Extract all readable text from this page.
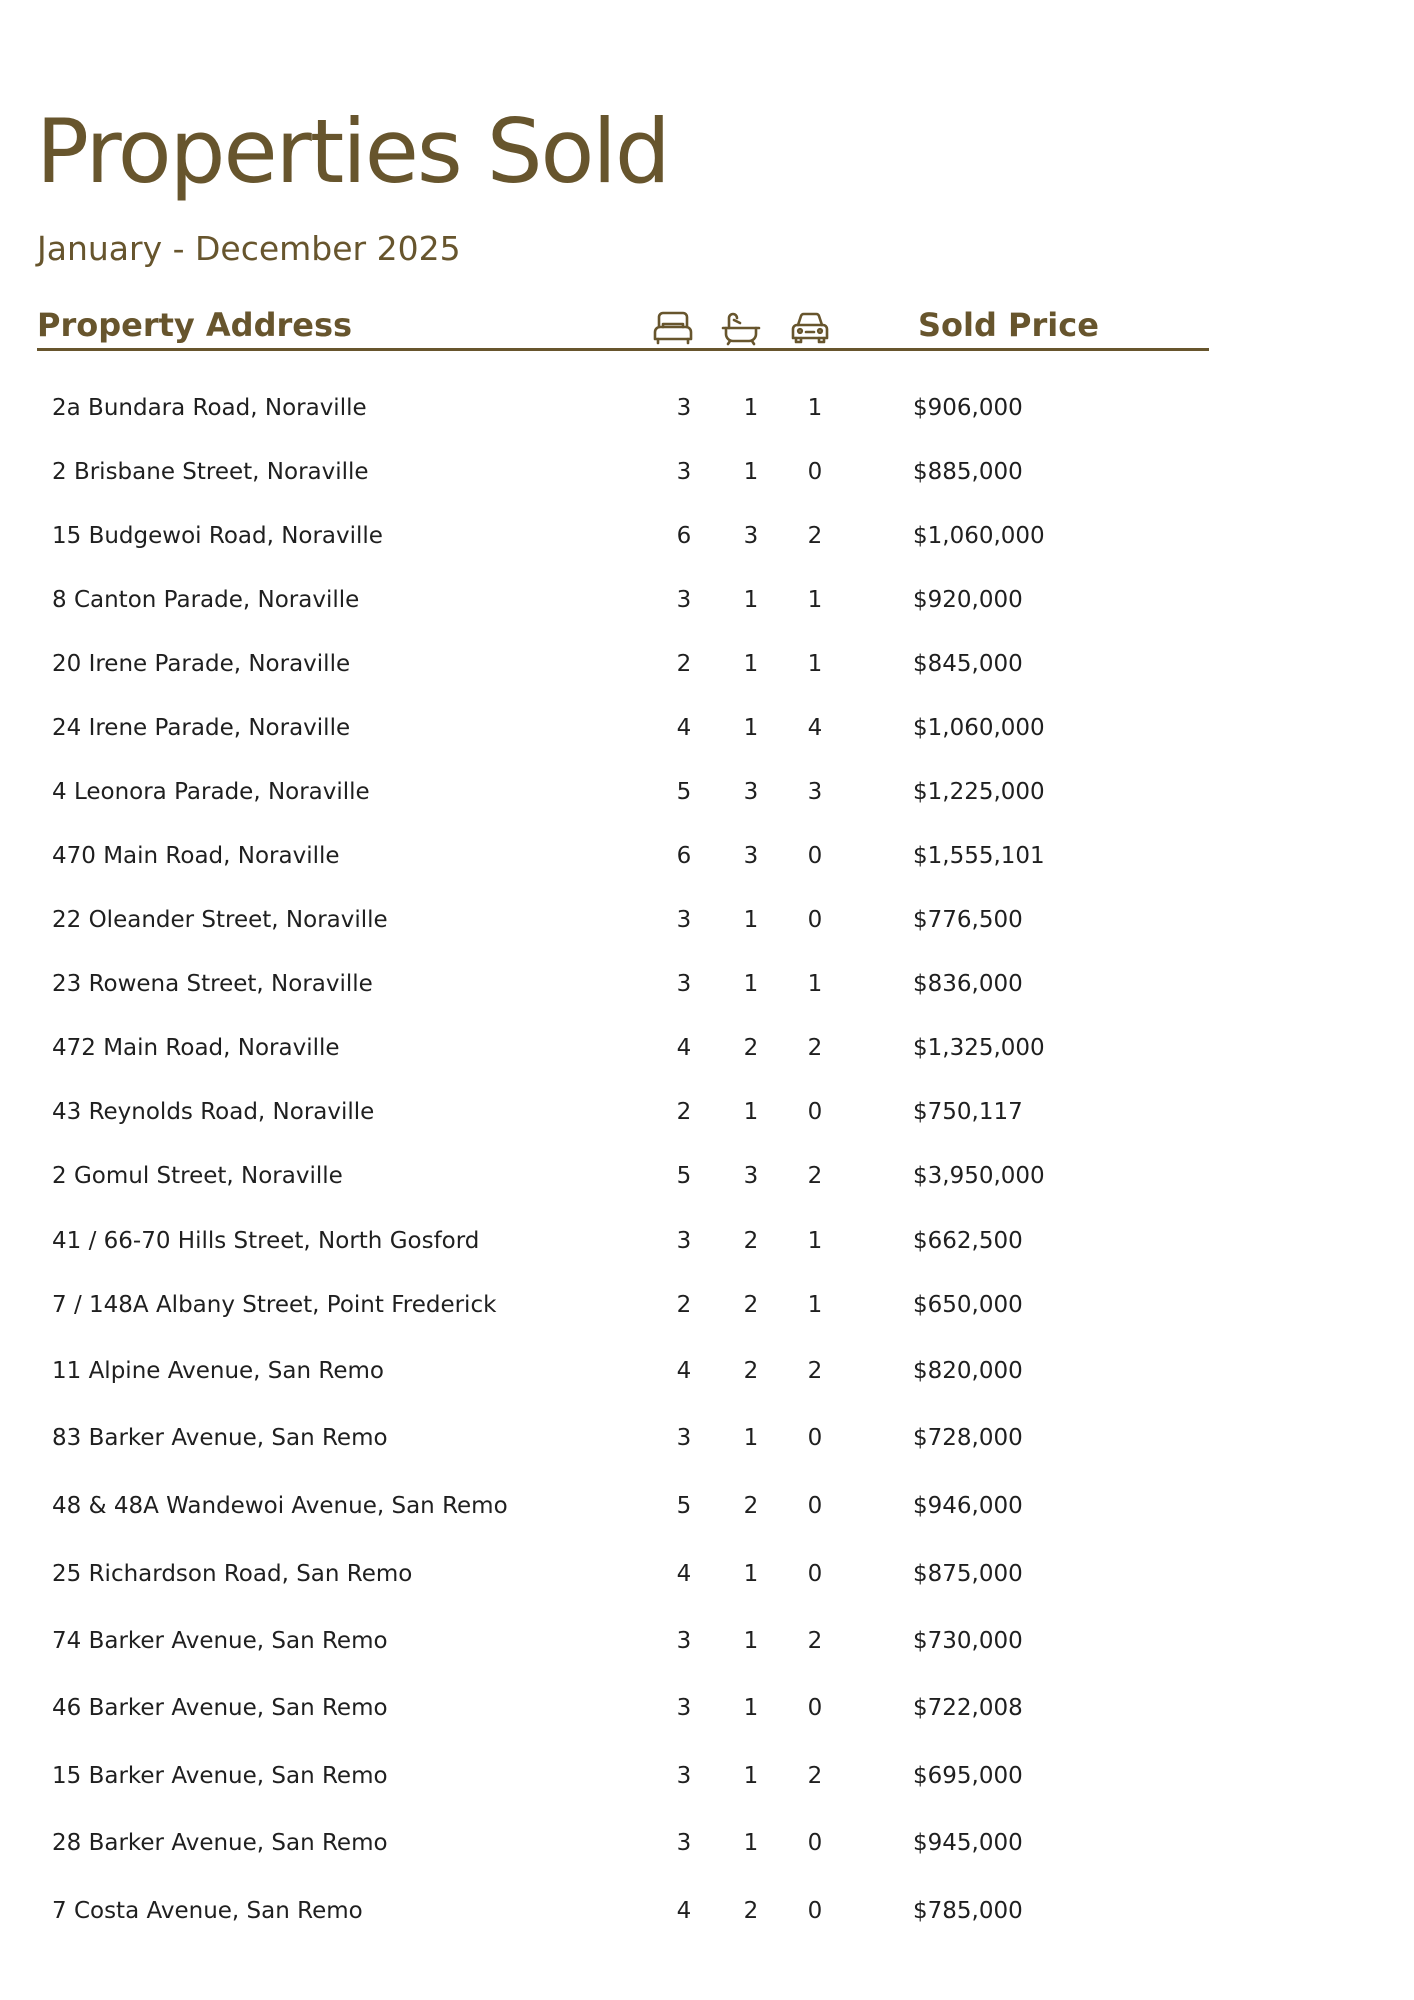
Properties Sold
January - December 2025
Property Address	Sold Price
2a Bundara Road, Noraville	3	1	1	$906,000
2 Brisbane Street, Noraville	3	1	0	$885,000
15 Budgewoi Road, Noraville	6	3	2	$1,060,000
8 Canton Parade, Noraville	3	1	1	$920,000
20 Irene Parade, Noraville	2	1	1	$845,000
24 Irene Parade, Noraville	4	1	4	$1,060,000
4 Leonora Parade, Noraville	5	3	3	$1,225,000
470 Main Road, Noraville	6	3	0	$1,555,101
22 Oleander Street, Noraville	3	1	0	$776,500
23 Rowena Street, Noraville	3	1	1	$836,000
472 Main Road, Noraville	4	2	2	$1,325,000
43 Reynolds Road, Noraville	2	1	0	$750,117
2 Gomul Street, Noraville	5	3	2	$3,950,000
41 / 66-70 Hills Street, North Gosford	3	2	1	$662,500
7 / 148A Albany Street, Point Frederick	2	2	1	$650,000
11 Alpine Avenue, San Remo	4	2	2	$820,000
83 Barker Avenue, San Remo	3	1	0	$728,000
48 & 48A Wandewoi Avenue, San Remo	5	2	0	$946,000
25 Richardson Road, San Remo	4	1	0	$875,000
74 Barker Avenue, San Remo	3	1	2	$730,000
46 Barker Avenue, San Remo	3	1	0	$722,008
15 Barker Avenue, San Remo	3	1	2	$695,000
28 Barker Avenue, San Remo	3	1	0	$945,000
7 Costa Avenue, San Remo	4	2	0	$785,000
